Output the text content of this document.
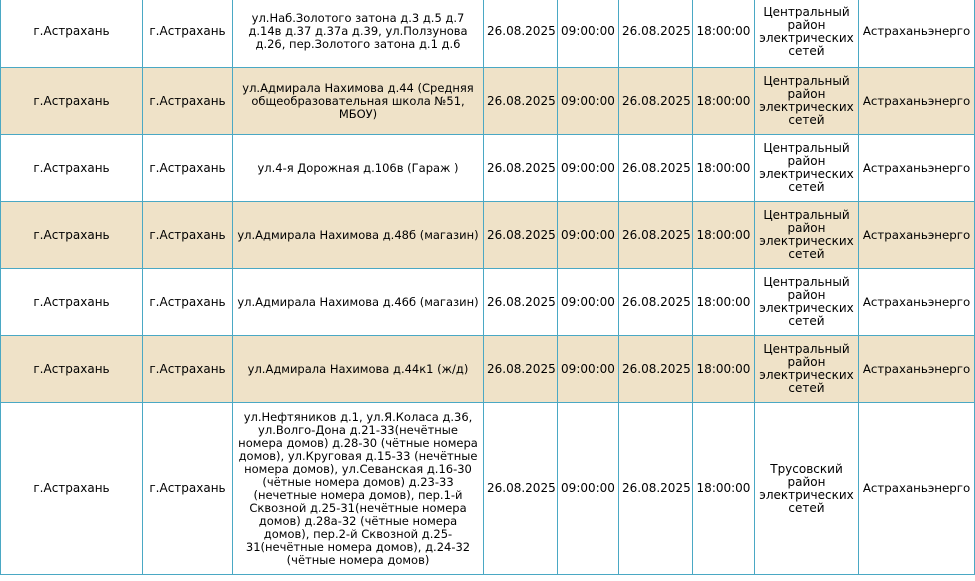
г.Астрахань	г.Астрахань	ул.Наб.Золотого затона д.3 д.5 д.7 д.14в д.37 д.37а д.39, ул.Ползунова д.26, пер.Золотого затона д.1 д.6	26.08.2025	09:00:00	26.08.2025	18:00:00	Центральный район электрических сетей	Астраханьэнерго
г.Астрахань	г.Астрахань	ул.Адмирала Нахимова д.44 (Средняя общеобразовательная школа №51, МБОУ)	26.08.2025	09:00:00	26.08.2025	18:00:00	Центральный район электрических сетей	Астраханьэнерго
г.Астрахань	г.Астрахань	ул.4-я Дорожная д.106в (Гараж )	26.08.2025	09:00:00	26.08.2025	18:00:00	Центральный район электрических сетей	Астраханьэнерго
г.Астрахань	г.Астрахань	ул.Адмирала Нахимова д.48б (магазин)	26.08.2025	09:00:00	26.08.2025	18:00:00	Центральный район электрических сетей	Астраханьэнерго
г.Астрахань	г.Астрахань	ул.Адмирала Нахимова д.46б (магазин)	26.08.2025	09:00:00	26.08.2025	18:00:00	Центральный район электрических сетей	Астраханьэнерго
г.Астрахань	г.Астрахань	ул.Адмирала Нахимова д.44к1 (ж/д)	26.08.2025	09:00:00	26.08.2025	18:00:00	Центральный район электрических сетей	Астраханьэнерго
г.Астрахань	г.Астрахань	ул.Нефтяников д.1, ул.Я.Коласа д.36, ул.Волго-Дона д.21-33(нечётные номера домов) д.28-30 (чётные номера домов), ул.Круговая д.15-33 (нечётные номера домов), ул.Севанская д.16-30 (чётные номера домов) д.23-33 (нечетные номера домов), пер.1-й Сквозной д.25-31(нечётные номера домов) д.28а-32 (чётные номера домов), пер.2-й Сквозной д.25-31(нечётные номера домов), д.24-32 (чётные номера домов)	26.08.2025	09:00:00	26.08.2025	18:00:00	Трусовский район электрических сетей	Астраханьэнерго
